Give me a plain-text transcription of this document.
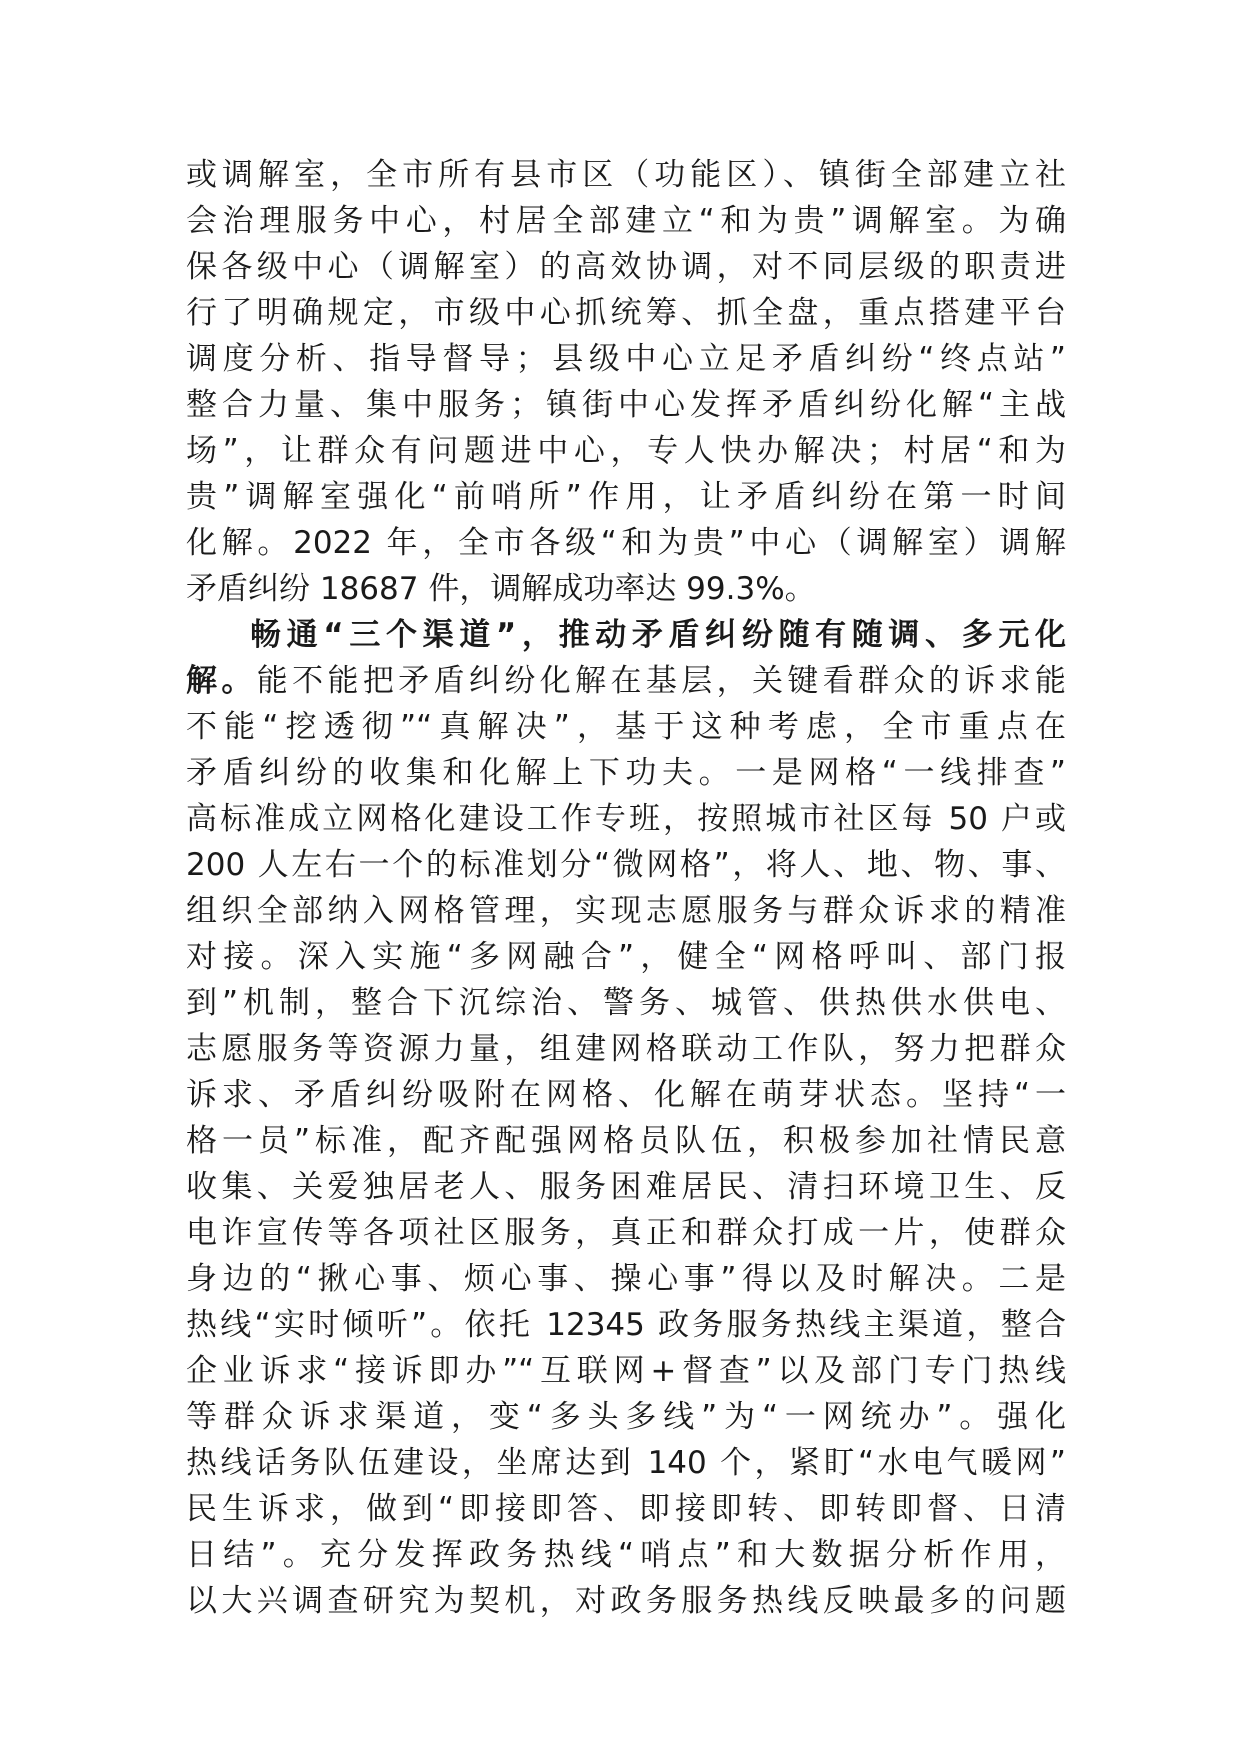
或调解室，全市所有县市区（功能区）、镇街全部建立社
会治理服务中心，村居全部建立“和为贵”调解室。为确
保各级中心（调解室）的高效协调，对不同层级的职责进
行了明确规定，市级中心抓统筹、抓全盘，重点搭建平台
调度分析、指导督导；县级中心立足矛盾纠纷“终点站”
整合力量、集中服务；镇街中心发挥矛盾纠纷化解“主战
场”，让群众有问题进中心，专人快办解决；村居“和为
贵”调解室强化“前哨所”作用，让矛盾纠纷在第一时间
化解。2022 年，全市各级“和为贵”中心（调解室）调解
矛盾纠纷 18687 件，调解成功率达 99.3%。
畅通“三个渠道”，推动矛盾纠纷随有随调、多元化
解。能不能把矛盾纠纷化解在基层，关键看群众的诉求能
不能“挖透彻”“真解决”，基于这种考虑，全市重点在
矛盾纠纷的收集和化解上下功夫。一是网格“一线排查”
高标准成立网格化建设工作专班，按照城市社区每 50 户或
200 人左右一个的标准划分“微网格”，将人、地、物、事、
组织全部纳入网格管理，实现志愿服务与群众诉求的精准
对接。深入实施“多网融合”，健全“网格呼叫、部门报
到”机制，整合下沉综治、警务、城管、供热供水供电、
志愿服务等资源力量，组建网格联动工作队，努力把群众
诉求、矛盾纠纷吸附在网格、化解在萌芽状态。坚持“一
格一员”标准，配齐配强网格员队伍，积极参加社情民意
收集、关爱独居老人、服务困难居民、清扫环境卫生、反
电诈宣传等各项社区服务，真正和群众打成一片，使群众
身边的“揪心事、烦心事、操心事”得以及时解决。二是
热线“实时倾听”。依托 12345 政务服务热线主渠道，整合
企业诉求“接诉即办”“互联网+督查”以及部门专门热线
等群众诉求渠道，变“多头多线”为“一网统办”。强化
热线话务队伍建设，坐席达到 140 个，紧盯“水电气暖网”
民生诉求，做到“即接即答、即接即转、即转即督、日清
日结”。充分发挥政务热线“哨点”和大数据分析作用，
以大兴调查研究为契机，对政务服务热线反映最多的问题
